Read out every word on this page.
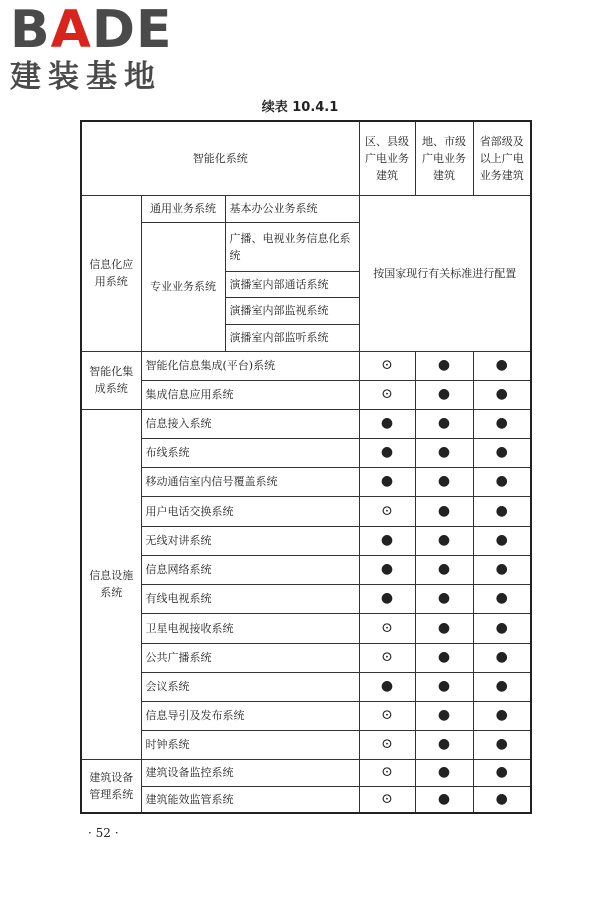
BADE
建装基地
续表 10.4.1
智能化系统			区、县级广电业务建筑	地、市级广电业务建筑	省部级及以上广电业务建筑
信息化应用系统	通用业务系统	基本办公业务系统	按国家现行有关标准进行配置		
	专业业务系统	广播、电视业务信息化系统			
		演播室内部通话系统			
		演播室内部监视系统			
		演播室内部监听系统			
智能化集成系统	智能化信息集成(平台)系统		⊙	●	●
	集成信息应用系统		⊙	●	●
信息设施系统	信息接入系统		●	●	●
	布线系统		●	●	●
	移动通信室内信号覆盖系统		●	●	●
	用户电话交换系统		⊙	●	●
	无线对讲系统		●	●	●
	信息网络系统		●	●	●
	有线电视系统		●	●	●
	卫星电视接收系统		⊙	●	●
	公共广播系统		⊙	●	●
	会议系统		●	●	●
	信息导引及发布系统		⊙	●	●
	时钟系统		⊙	●	●
建筑设备管理系统	建筑设备监控系统		⊙	●	●
	建筑能效监管系统		⊙	●	●
· 52 ·
